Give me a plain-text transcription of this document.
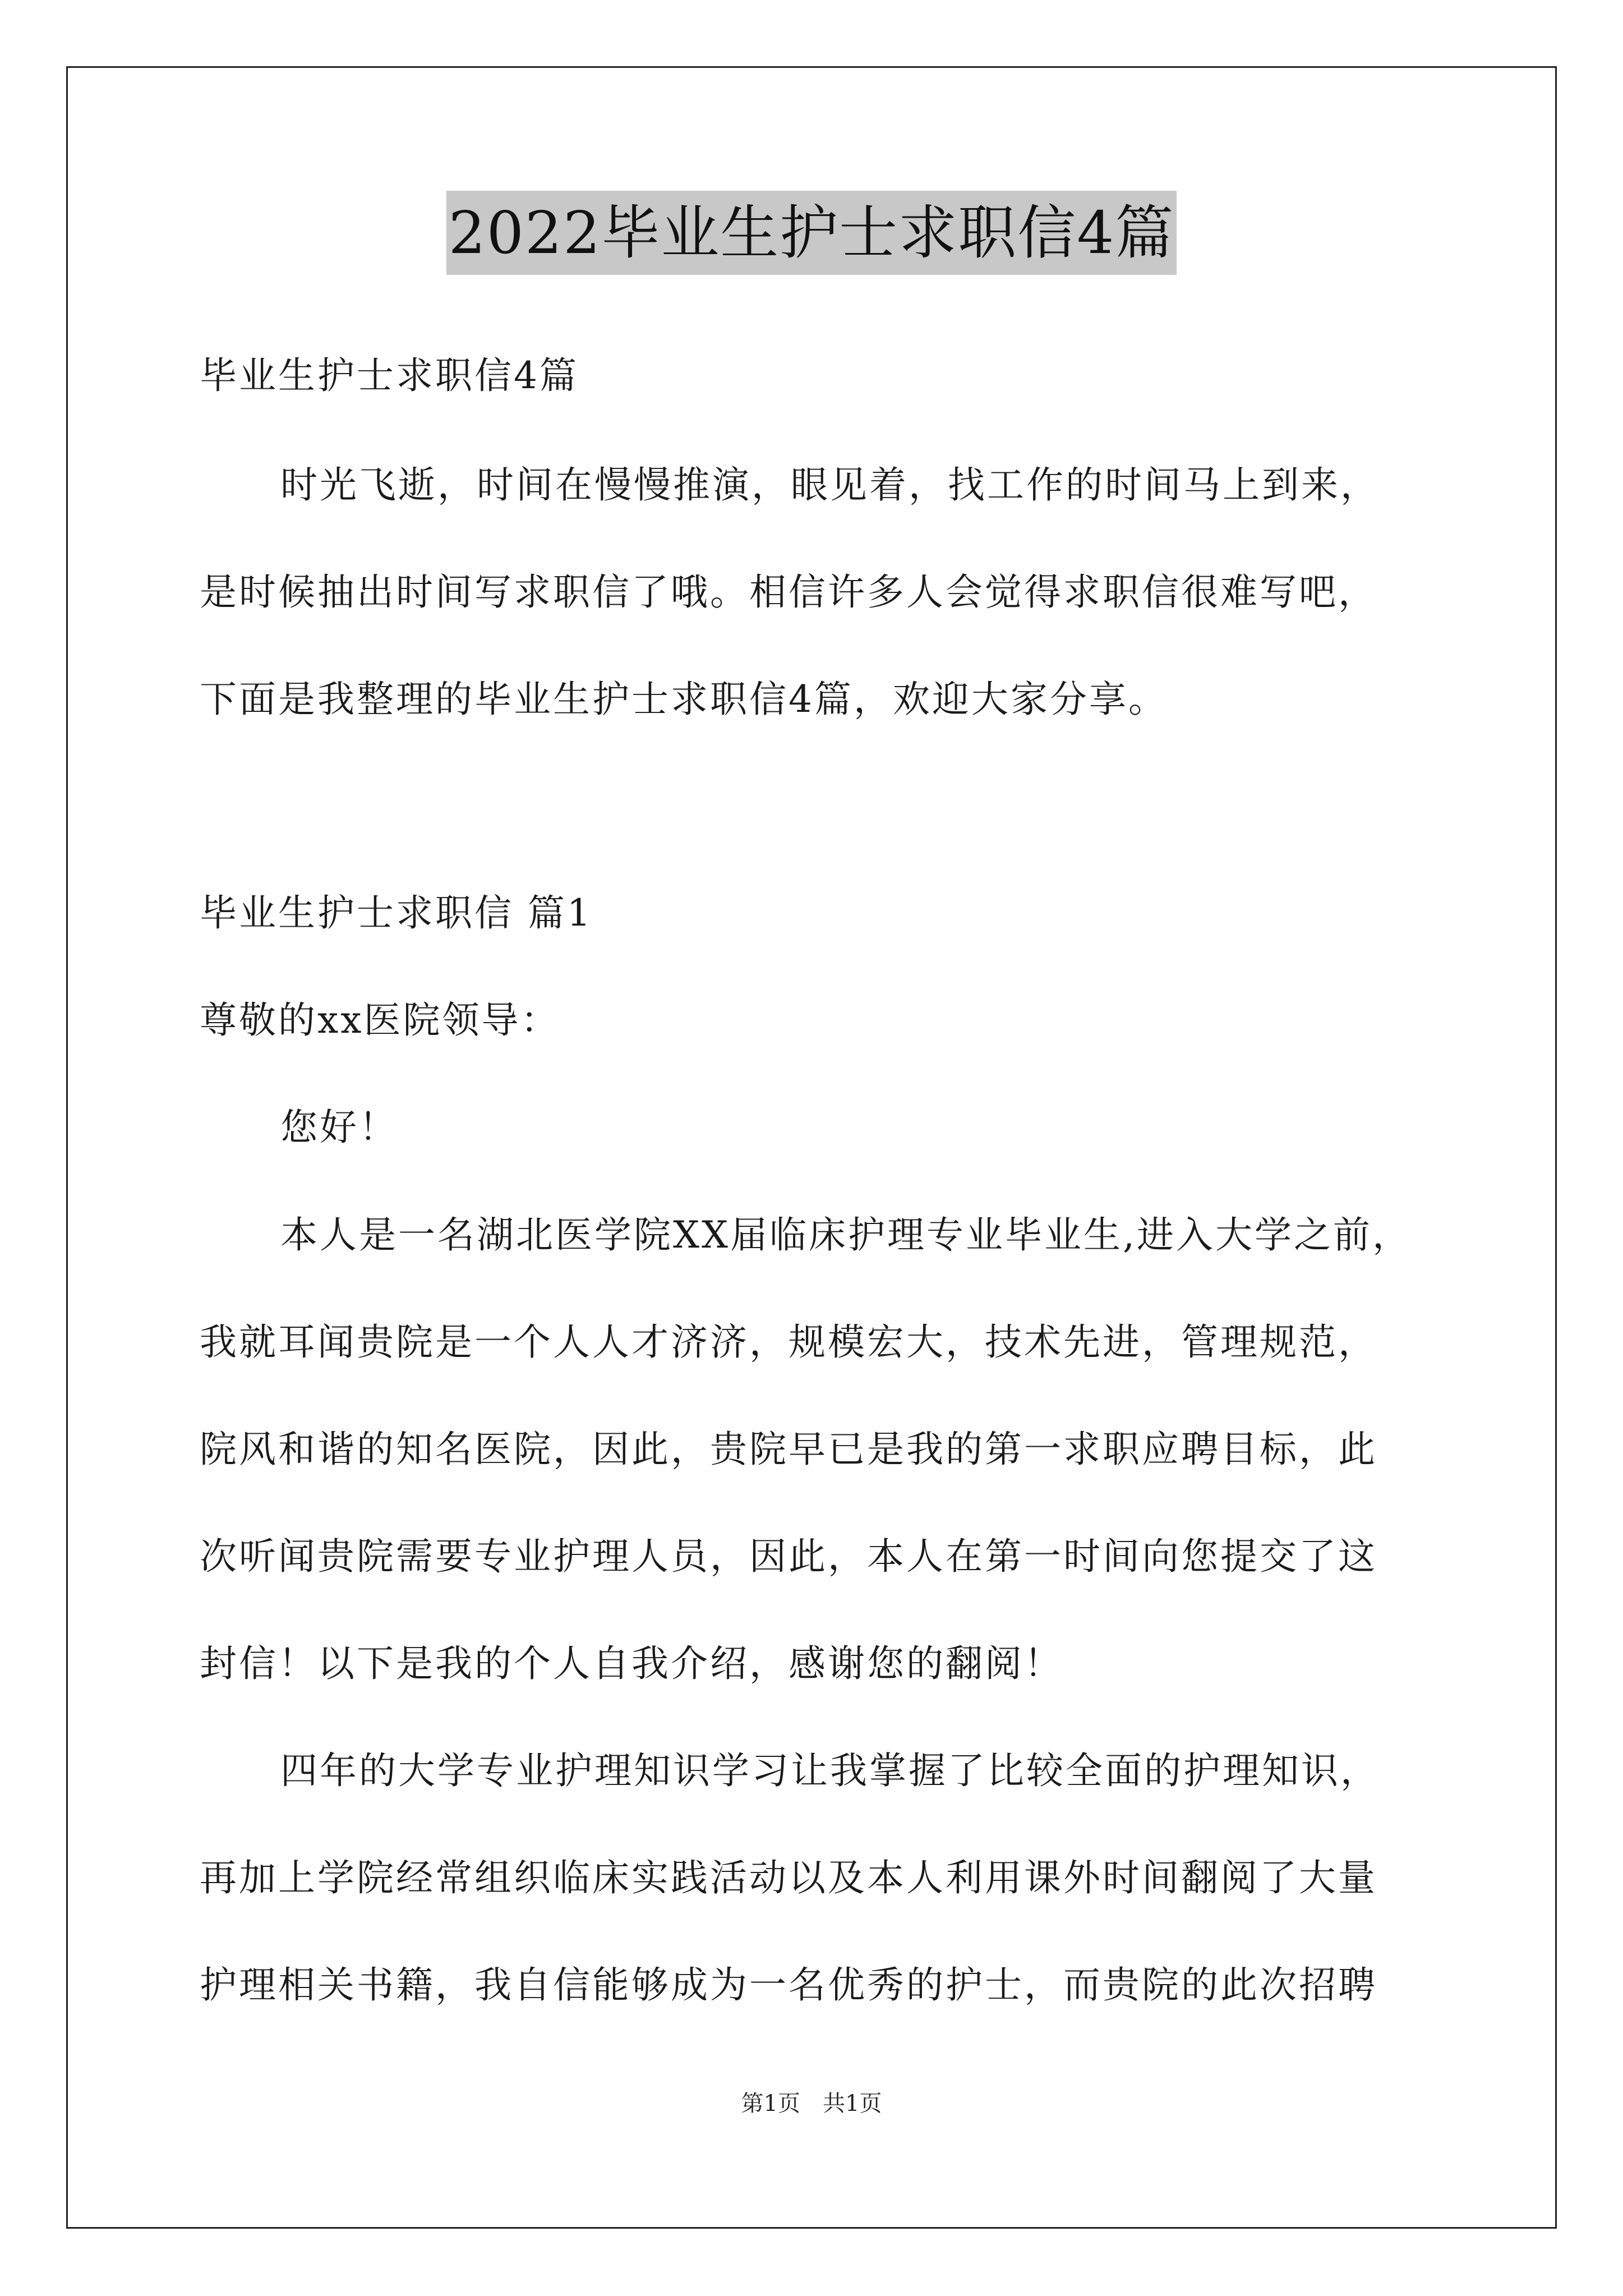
2022毕业生护士求职信4篇
毕业生护士求职信4篇
时光飞逝，时间在慢慢推演，眼见着，找工作的时间马上到来，
是时候抽出时间写求职信了哦。相信许多人会觉得求职信很难写吧，
下面是我整理的毕业生护士求职信4篇，欢迎大家分享。
毕业生护士求职信 篇1
尊敬的xx医院领导：
您好！
本人是一名湖北医学院XX届临床护理专业毕业生,进入大学之前，
我就耳闻贵院是一个人人才济济，规模宏大，技术先进，管理规范，
院风和谐的知名医院，因此，贵院早已是我的第一求职应聘目标，此
次听闻贵院需要专业护理人员，因此，本人在第一时间向您提交了这
封信！以下是我的个人自我介绍，感谢您的翻阅！
四年的大学专业护理知识学习让我掌握了比较全面的护理知识，
再加上学院经常组织临床实践活动以及本人利用课外时间翻阅了大量
护理相关书籍，我自信能够成为一名优秀的护士，而贵院的此次招聘
第1页　共1页
